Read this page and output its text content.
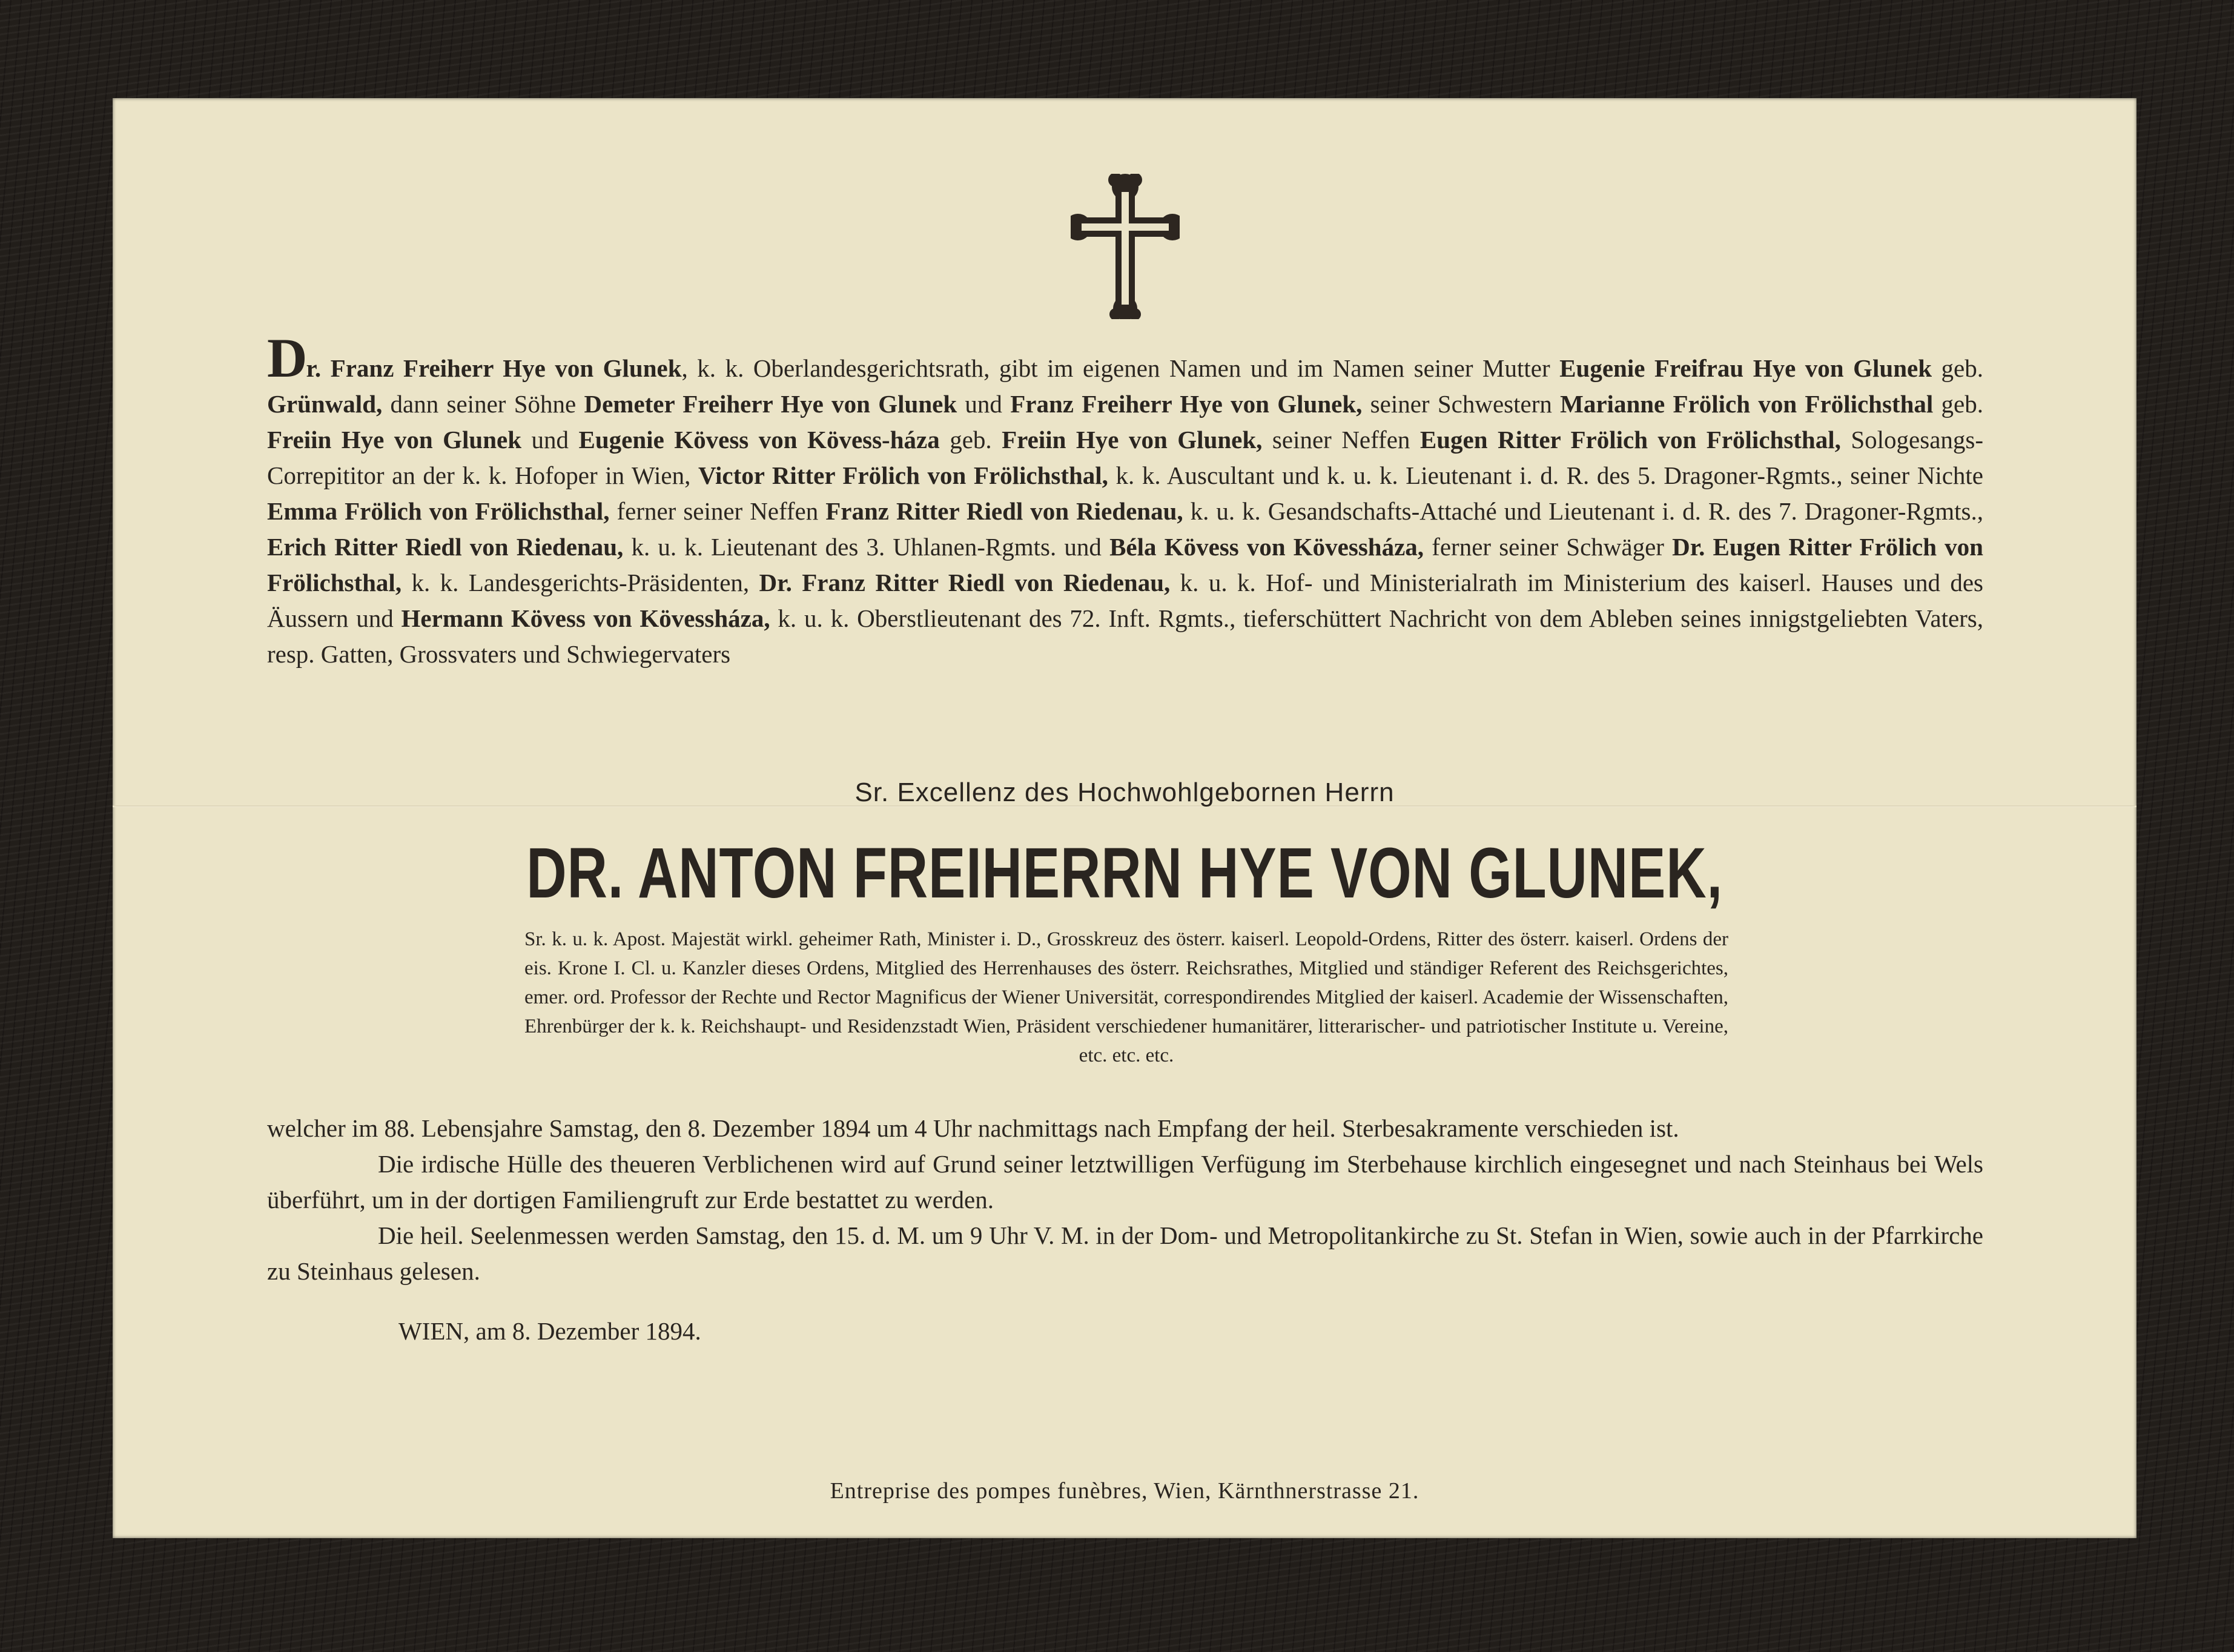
Dr. Franz Freiherr Hye von Glunek, k. k. Oberlandesgerichtsrath, gibt im eigenen Namen und im Namen seiner Mutter Eugenie Freifrau Hye von Glunek geb. Grünwald, dann seiner Söhne Demeter Freiherr Hye von Glunek und Franz Freiherr Hye von Glunek, seiner Schwestern Marianne Frölich von Frölichsthal geb. Freiin Hye von Glunek und Eugenie Kövess von Kövess-háza geb. Freiin Hye von Glunek, seiner Neffen Eugen Ritter Frölich von Frölichsthal, Sologesangs-Correpititor an der k. k. Hofoper in Wien, Victor Ritter Frölich von Frölichsthal, k. k. Auscultant und k. u. k. Lieutenant i. d. R. des 5. Dragoner-Rgmts., seiner Nichte Emma Frölich von Frölichsthal, ferner seiner Neffen Franz Ritter Riedl von Riedenau, k. u. k. Gesandschafts-Attaché und Lieutenant i. d. R. des 7. Dragoner-Rgmts., Erich Ritter Riedl von Riedenau, k. u. k. Lieutenant des 3. Uhlanen-Rgmts. und Béla Kövess von Kövessháza, ferner seiner Schwäger Dr. Eugen Ritter Frölich von Frölichsthal, k. k. Landesgerichts-Präsidenten, Dr. Franz Ritter Riedl von Riedenau, k. u. k. Hof- und Ministerialrath im Ministerium des kaiserl. Hauses und des Äussern und Hermann Kövess von Kövessháza, k. u. k. Oberstlieutenant des 72. Inft. Rgmts., tieferschüttert Nachricht von dem Ableben seines innigstgeliebten Vaters, resp. Gatten, Grossvaters und Schwiegervaters
Sr. Excellenz des Hochwohlgebornen Herrn
DR. ANTON FREIHERRN HYE VON GLUNEK,
Sr. k. u. k. Apost. Majestät wirkl. geheimer Rath, Minister i. D., Grosskreuz des österr. kaiserl. Leopold-Ordens, Ritter des österr. kaiserl. Ordens der eis. Krone I. Cl. u. Kanzler dieses Ordens, Mitglied des Herrenhauses des österr. Reichsrathes, Mitglied und ständiger Referent des Reichsgerichtes, emer. ord. Professor der Rechte und Rector Magnificus der Wiener Universität, correspondirendes Mitglied der kaiserl. Academie der Wissenschaften, Ehrenbürger der k. k. Reichshaupt- und Residenzstadt Wien, Präsident verschiedener humanitärer, litterarischer- und patriotischer Institute u. Vereine, etc. etc. etc.
welcher im 88. Lebensjahre Samstag, den 8. Dezember 1894 um 4 Uhr nachmittags nach Empfang der heil. Sterbesakramente verschieden ist.
Die irdische Hülle des theueren Verblichenen wird auf Grund seiner letztwilligen Verfügung im Sterbehause kirchlich eingesegnet und nach Steinhaus bei Wels überführt, um in der dortigen Familiengruft zur Erde bestattet zu werden.
Die heil. Seelenmessen werden Samstag, den 15. d. M. um 9 Uhr V. M. in der Dom- und Metropolitankirche zu St. Stefan in Wien, sowie auch in der Pfarrkirche zu Steinhaus gelesen.
WIEN, am 8. Dezember 1894.
Entreprise des pompes funèbres, Wien, Kärnthnerstrasse 21.
